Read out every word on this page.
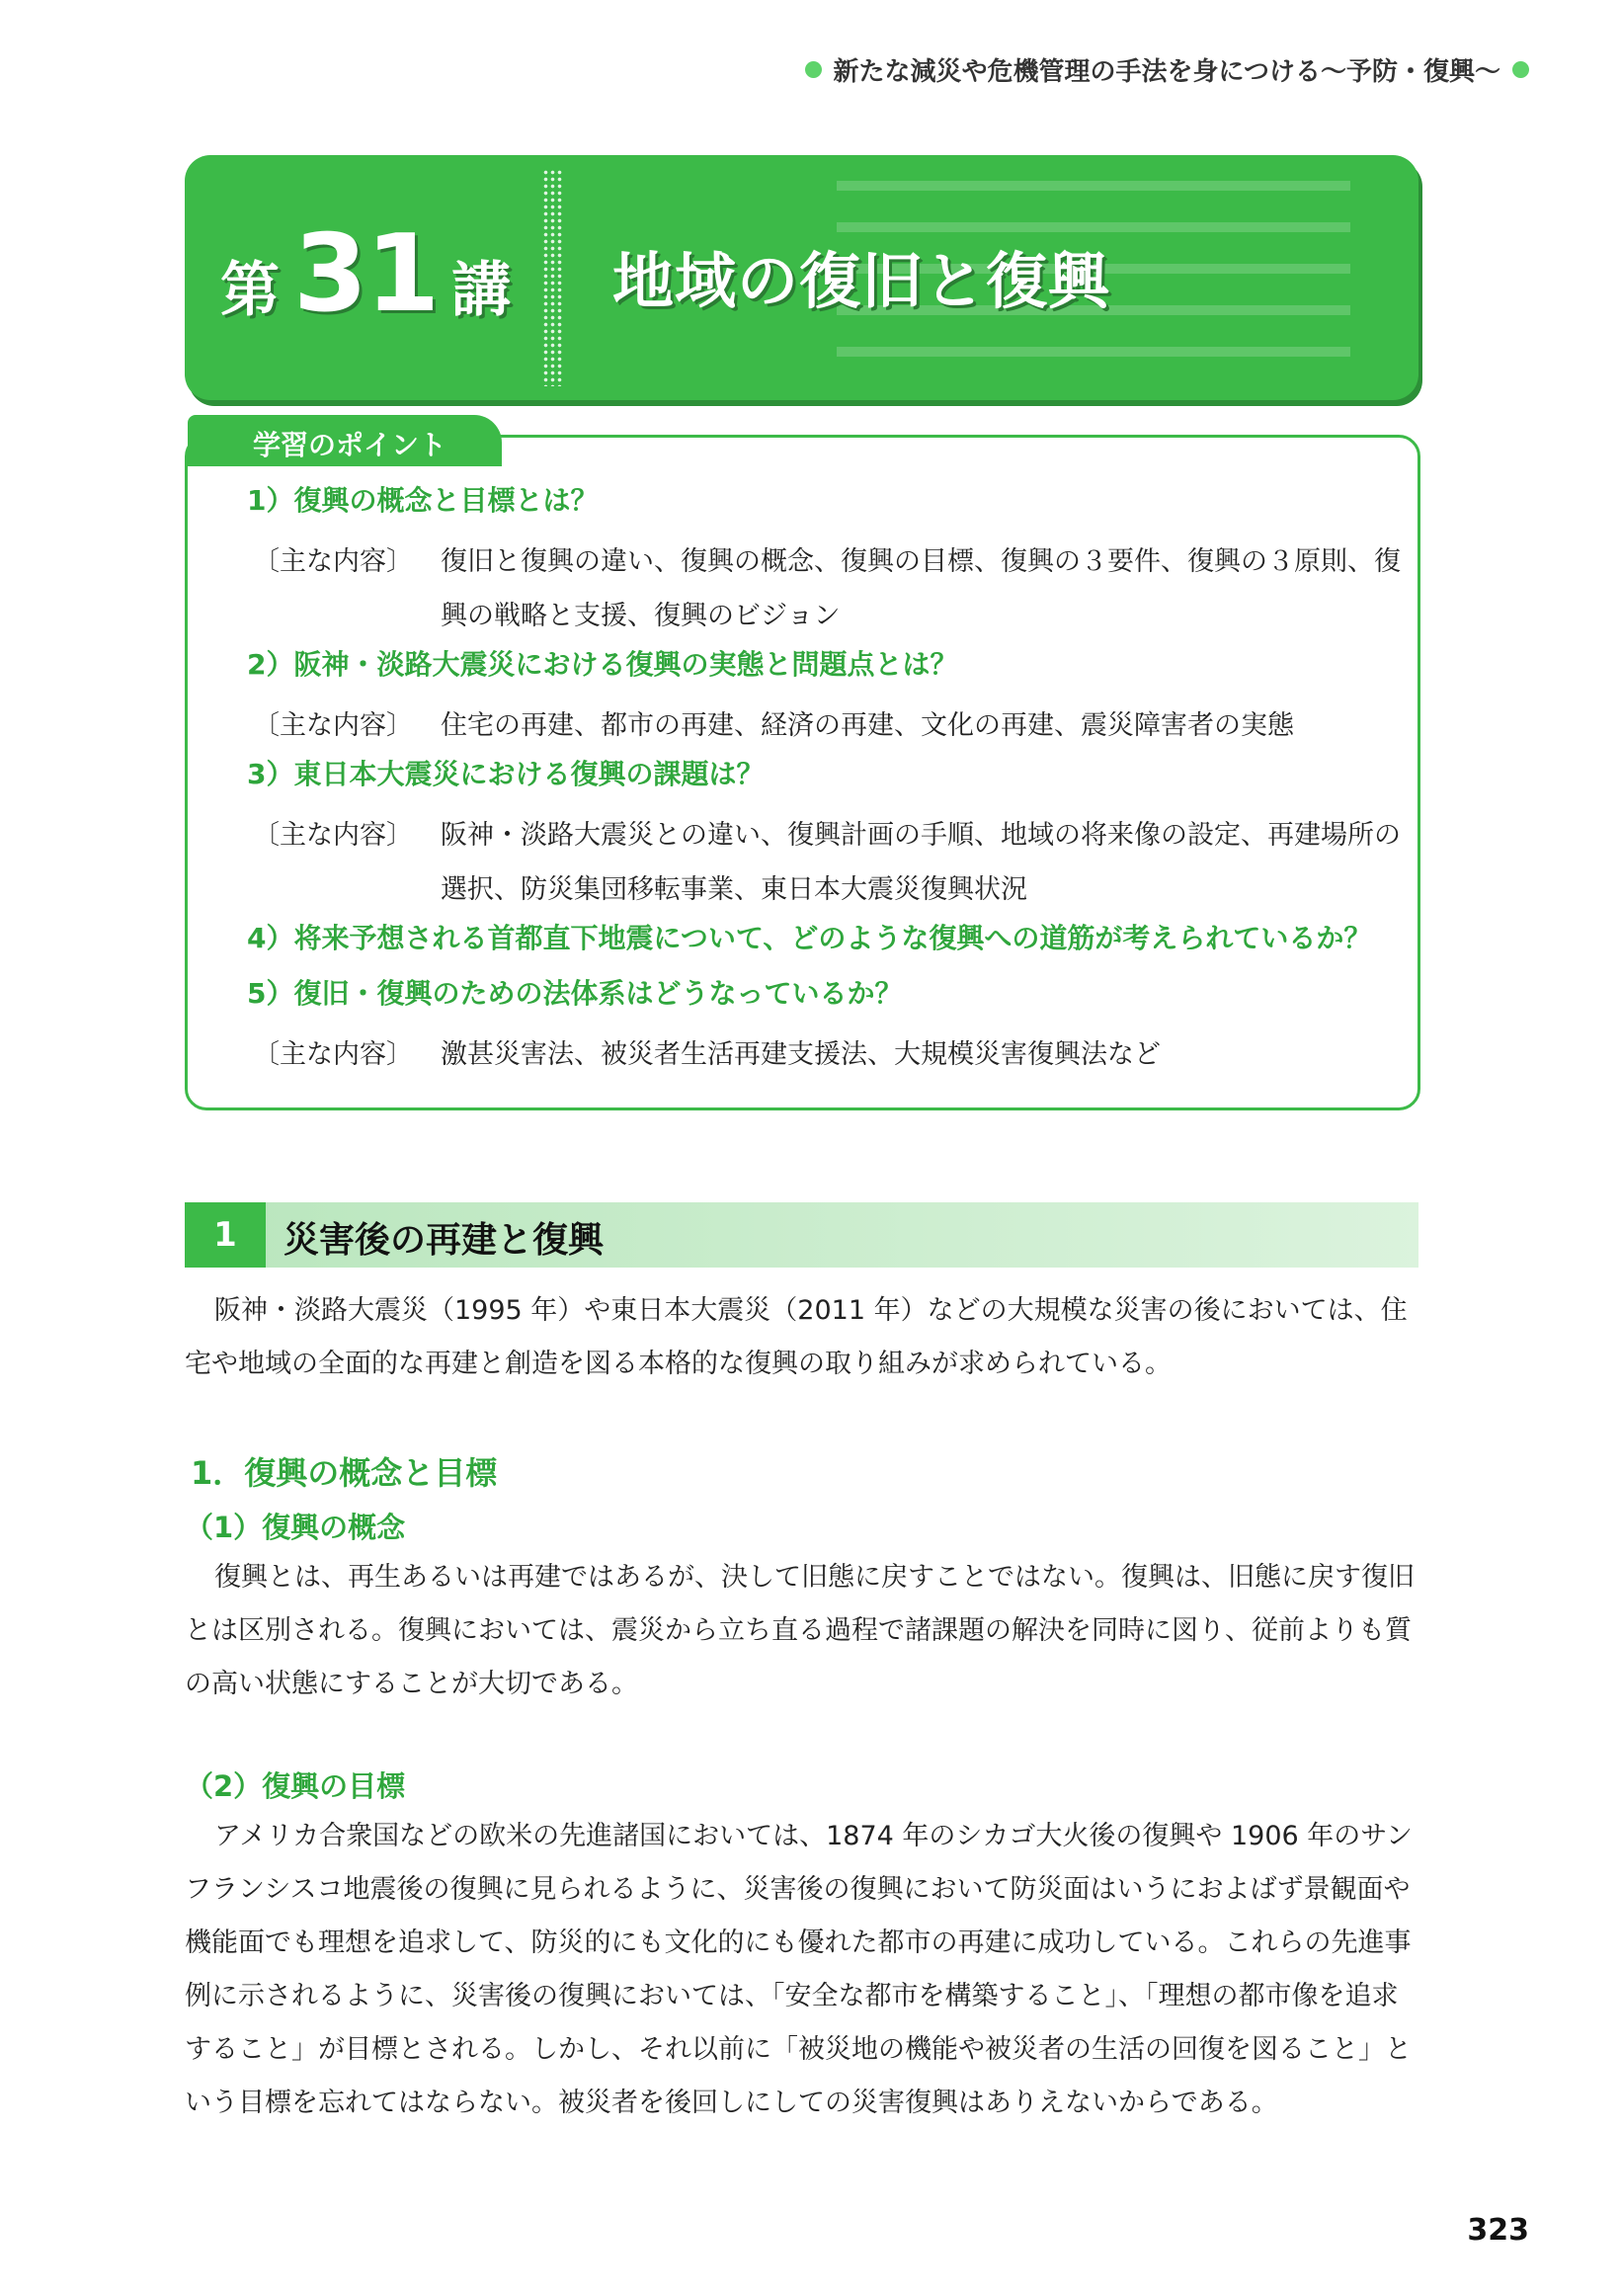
新たな減災や危機管理の手法を身につける〜予防・復興〜
第 31 講 地域の復旧と復興
学習のポイント
1）復興の概念と目標とは？
〔主な内容〕	復旧と復興の違い、復興の概念、復興の目標、復興の３要件、復興の３原則、復興の戦略と支援、復興のビジョン
2）阪神・淡路大震災における復興の実態と問題点とは？
〔主な内容〕	住宅の再建、都市の再建、経済の再建、文化の再建、震災障害者の実態
3）東日本大震災における復興の課題は？
〔主な内容〕	阪神・淡路大震災との違い、復興計画の手順、地域の将来像の設定、再建場所の選択、防災集団移転事業、東日本大震災復興状況
4）将来予想される首都直下地震について、どのような復興への道筋が考えられているか？
5）復旧・復興のための法体系はどうなっているか？
〔主な内容〕	激甚災害法、被災者生活再建支援法、大規模災害復興法など
1	災害後の再建と復興

阪神・淡路大震災（1995 年）や東日本大震災（2011 年）などの大規模な災害の後においては、住宅や地域の全面的な再建と創造を図る本格的な復興の取り組みが求められている。

1．復興の概念と目標
（1）復興の概念

復興とは、再生あるいは再建ではあるが、決して旧態に戻すことではない。復興は、旧態に戻す復旧とは区別される。復興においては、震災から立ち直る過程で諸課題の解決を同時に図り、従前よりも質の高い状態にすることが大切である。

（2）復興の目標

アメリカ合衆国などの欧米の先進諸国においては、1874 年のシカゴ大火後の復興や 1906 年のサンフランシスコ地震後の復興に見られるように、災害後の復興において防災面はいうにおよばず景観面や機能面でも理想を追求して、防災的にも文化的にも優れた都市の再建に成功している。これらの先進事例に示されるように、災害後の復興においては、「安全な都市を構築すること」、「理想の都市像を追求すること」が目標とされる。しかし、それ以前に「被災地の機能や被災者の生活の回復を図ること」という目標を忘れてはならない。被災者を後回しにしての災害復興はありえないからである。

323
